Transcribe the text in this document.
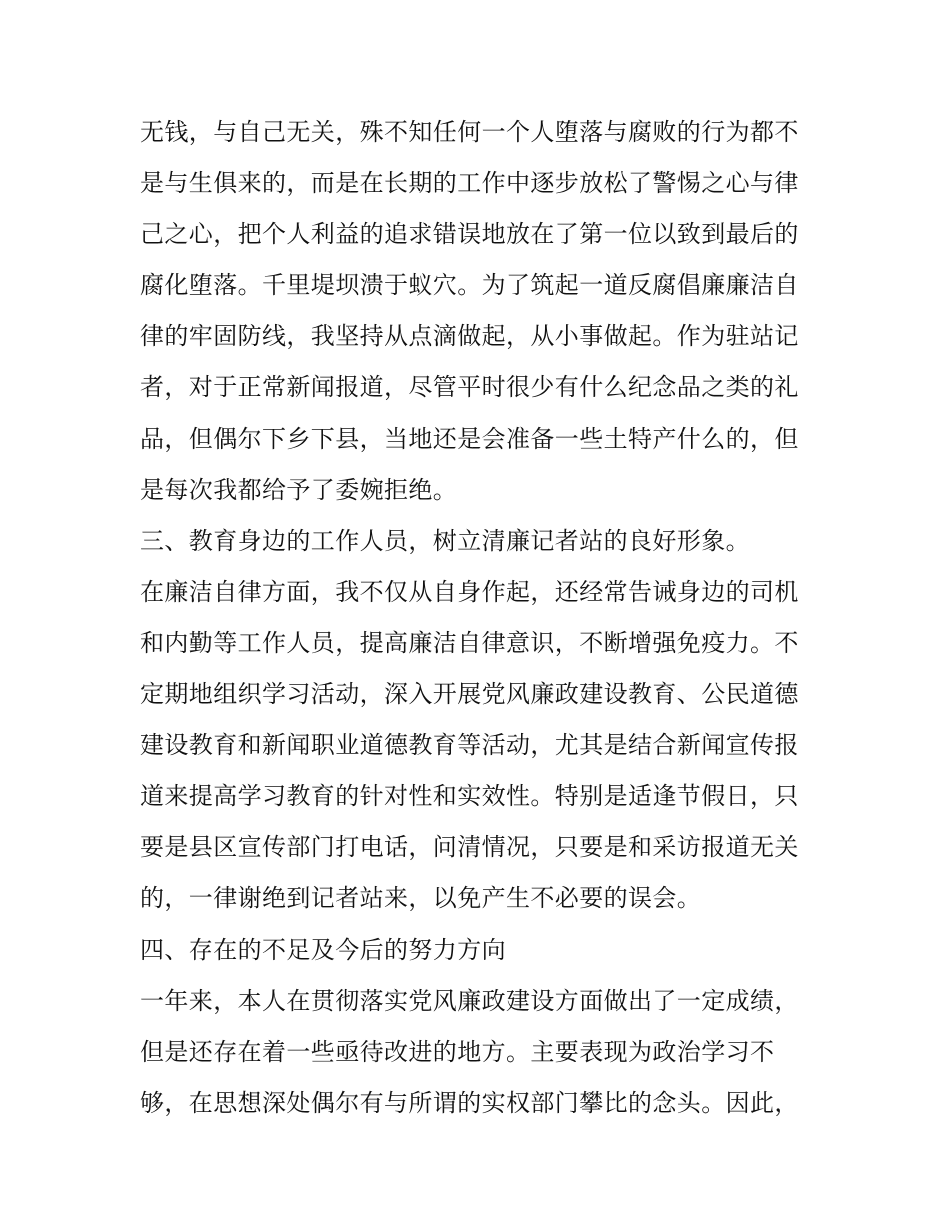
无钱，与自己无关，殊不知任何一个人堕落与腐败的行为都不
是与生俱来的，而是在长期的工作中逐步放松了警惕之心与律
己之心，把个人利益的追求错误地放在了第一位以致到最后的
腐化堕落。千里堤坝溃于蚁穴。为了筑起一道反腐倡廉廉洁自
律的牢固防线，我坚持从点滴做起，从小事做起。作为驻站记
者，对于正常新闻报道，尽管平时很少有什么纪念品之类的礼
品，但偶尔下乡下县，当地还是会准备一些土特产什么的，但
是每次我都给予了委婉拒绝。
三、教育身边的工作人员，树立清廉记者站的良好形象。
在廉洁自律方面，我不仅从自身作起，还经常告诫身边的司机
和内勤等工作人员，提高廉洁自律意识，不断增强免疫力。不
定期地组织学习活动，深入开展党风廉政建设教育、公民道德
建设教育和新闻职业道德教育等活动，尤其是结合新闻宣传报
道来提高学习教育的针对性和实效性。特别是适逢节假日，只
要是县区宣传部门打电话，问清情况，只要是和采访报道无关
的，一律谢绝到记者站来，以免产生不必要的误会。
四、存在的不足及今后的努力方向
一年来，本人在贯彻落实党风廉政建设方面做出了一定成绩，
但是还存在着一些亟待改进的地方。主要表现为政治学习不
够，在思想深处偶尔有与所谓的实权部门攀比的念头。因此，
